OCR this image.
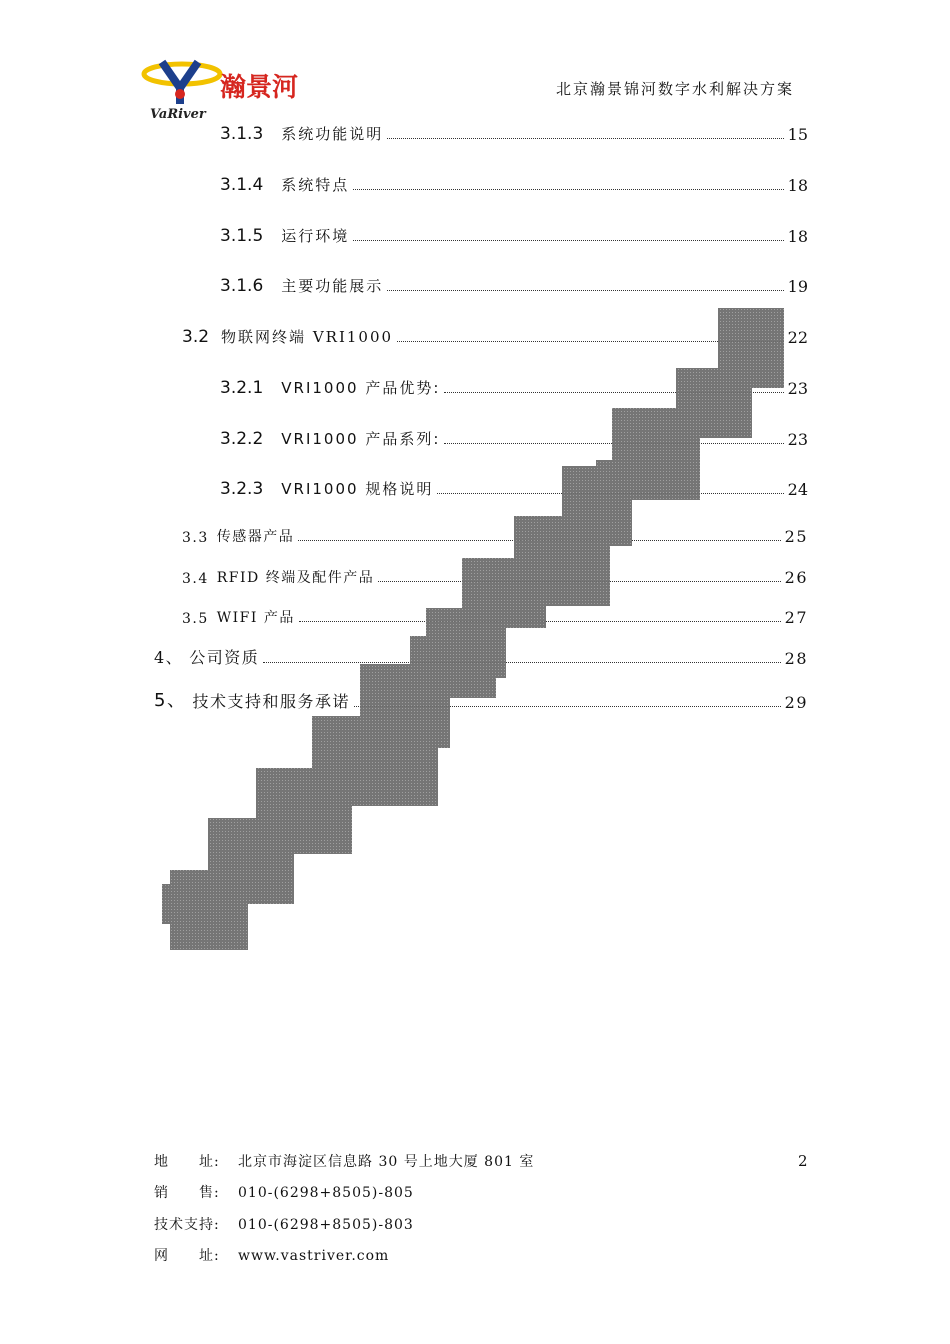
瀚景河
VaRiver
北京瀚景锦河数字水利解决方案
3.1.3 系统功能说明	15
3.1.4 系统特点	18
3.1.5 运行环境	18
3.1.6 主要功能展示	19
3.2 物联网终端 VRI1000	22
3.2.1 VRI1000 产品优势:	23
3.2.2 VRI1000 产品系列:	23
3.2.3 VRI1000 规格说明	24
3.3 传感器产品	25
3.4 RFID 终端及配件产品	26
3.5 WIFI 产品	27
4、 公司资质	28
5、 技术支持和服务承诺	29
2
地　　址: 北京市海淀区信息路 30 号上地大厦 801 室
销　　售: 010-(6298+8505)-805
技术支持: 010-(6298+8505)-803
网　　址: www.vastriver.com
